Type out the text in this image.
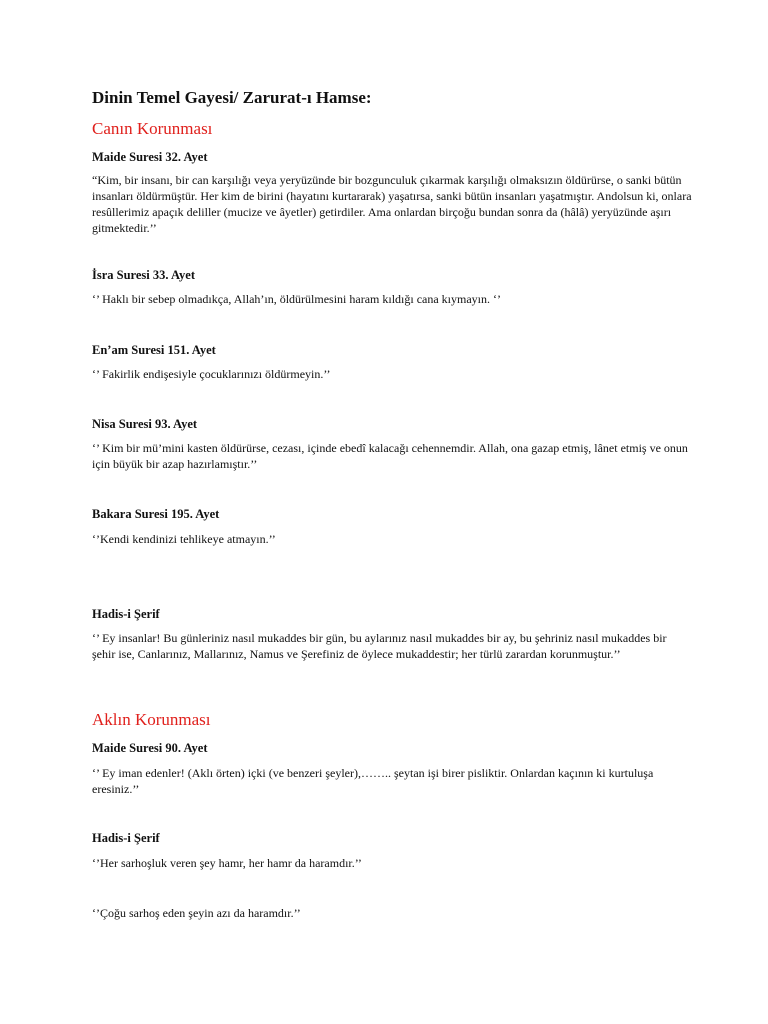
Dinin Temel Gayesi/ Zarurat-ı Hamse:
Canın Korunması
Maide Suresi 32. Ayet

“Kim, bir insanı, bir can karşılığı veya yeryüzünde bir bozgunculuk çıkarmak karşılığı olmaksızın öldürürse, o sanki bütün insanları öldürmüştür. Her kim de birini (hayatını kurtararak) yaşatırsa, sanki bütün insanları yaşatmıştır. Andolsun ki, onlara resûllerimiz apaçık deliller (mucize ve âyetler) getirdiler. Ama onlardan birçoğu bundan sonra da (hâlâ) yeryüzünde aşırı gitmektedir.’’

İsra Suresi 33. Ayet

‘’ Haklı bir sebep olmadıkça, Allah’ın, öldürülmesini haram kıldığı cana kıymayın. ‘’

En’am Suresi 151. Ayet

‘’ Fakirlik endişesiyle çocuklarınızı öldürmeyin.’’

Nisa Suresi 93. Ayet

‘’ Kim bir mü’mini kasten öldürürse, cezası, içinde ebedî kalacağı cehennemdir. Allah, ona gazap etmiş, lânet etmiş ve onun için büyük bir azap hazırlamıştır.’’

Bakara Suresi 195. Ayet

‘’Kendi kendinizi tehlikeye atmayın.’’

Hadis-i Şerif

‘’ Ey insanlar! Bu günleriniz nasıl mukaddes bir gün, bu aylarınız nasıl mukaddes bir ay, bu şehriniz nasıl mukaddes bir şehir ise, Canlarınız, Mallarınız, Namus ve Şerefiniz de öylece mukaddestir; her türlü zarardan korunmuştur.’’

Aklın Korunması
Maide Suresi 90. Ayet

‘’ Ey iman edenler! (Aklı örten) içki (ve benzeri şeyler),…….. şeytan işi birer pisliktir. Onlardan kaçının ki kurtuluşa eresiniz.’’

Hadis-i Şerif

‘’Her sarhoşluk veren şey hamr, her hamr da haramdır.’’

‘’Çoğu sarhoş eden şeyin azı da haramdır.’’
